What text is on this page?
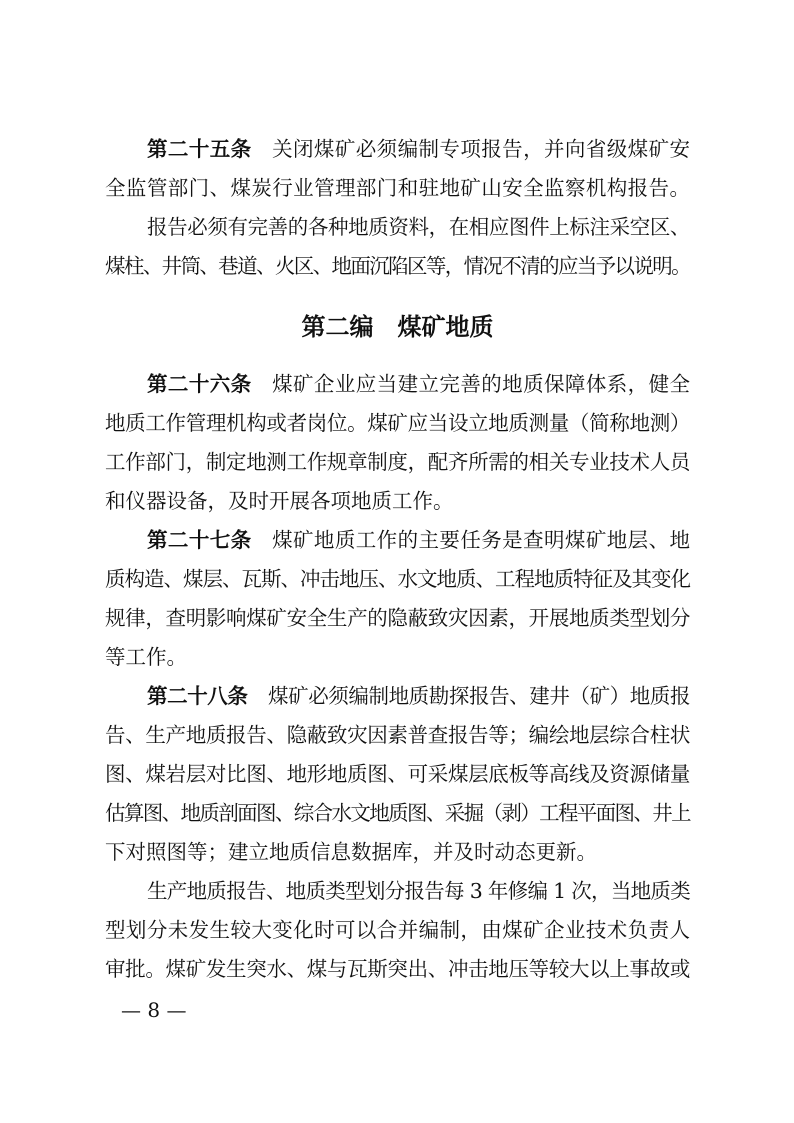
第二十五条 关闭煤矿必须编制专项报告，并向省级煤矿安
全监管部门、煤炭行业管理部门和驻地矿山安全监察机构报告。
报告必须有完善的各种地质资料，在相应图件上标注采空区、
煤柱、井筒、巷道、火区、地面沉陷区等，情况不清的应当予以说明。
第二编 煤矿地质
第二十六条 煤矿企业应当建立完善的地质保障体系，健全
地质工作管理机构或者岗位。煤矿应当设立地质测量（简称地测）
工作部门，制定地测工作规章制度，配齐所需的相关专业技术人员
和仪器设备，及时开展各项地质工作。
第二十七条 煤矿地质工作的主要任务是查明煤矿地层、地
质构造、煤层、瓦斯、冲击地压、水文地质、工程地质特征及其变化
规律，查明影响煤矿安全生产的隐蔽致灾因素，开展地质类型划分
等工作。
第二十八条 煤矿必须编制地质勘探报告、建井（矿）地质报
告、生产地质报告、隐蔽致灾因素普查报告等；编绘地层综合柱状
图、煤岩层对比图、地形地质图、可采煤层底板等高线及资源储量
估算图、地质剖面图、综合水文地质图、采掘（剥）工程平面图、井上
下对照图等；建立地质信息数据库，并及时动态更新。
生产地质报告、地质类型划分报告每 3 年修编 1 次，当地质类
型划分未发生较大变化时可以合并编制，由煤矿企业技术负责人
审批。煤矿发生突水、煤与瓦斯突出、冲击地压等较大以上事故或
— 8 —
